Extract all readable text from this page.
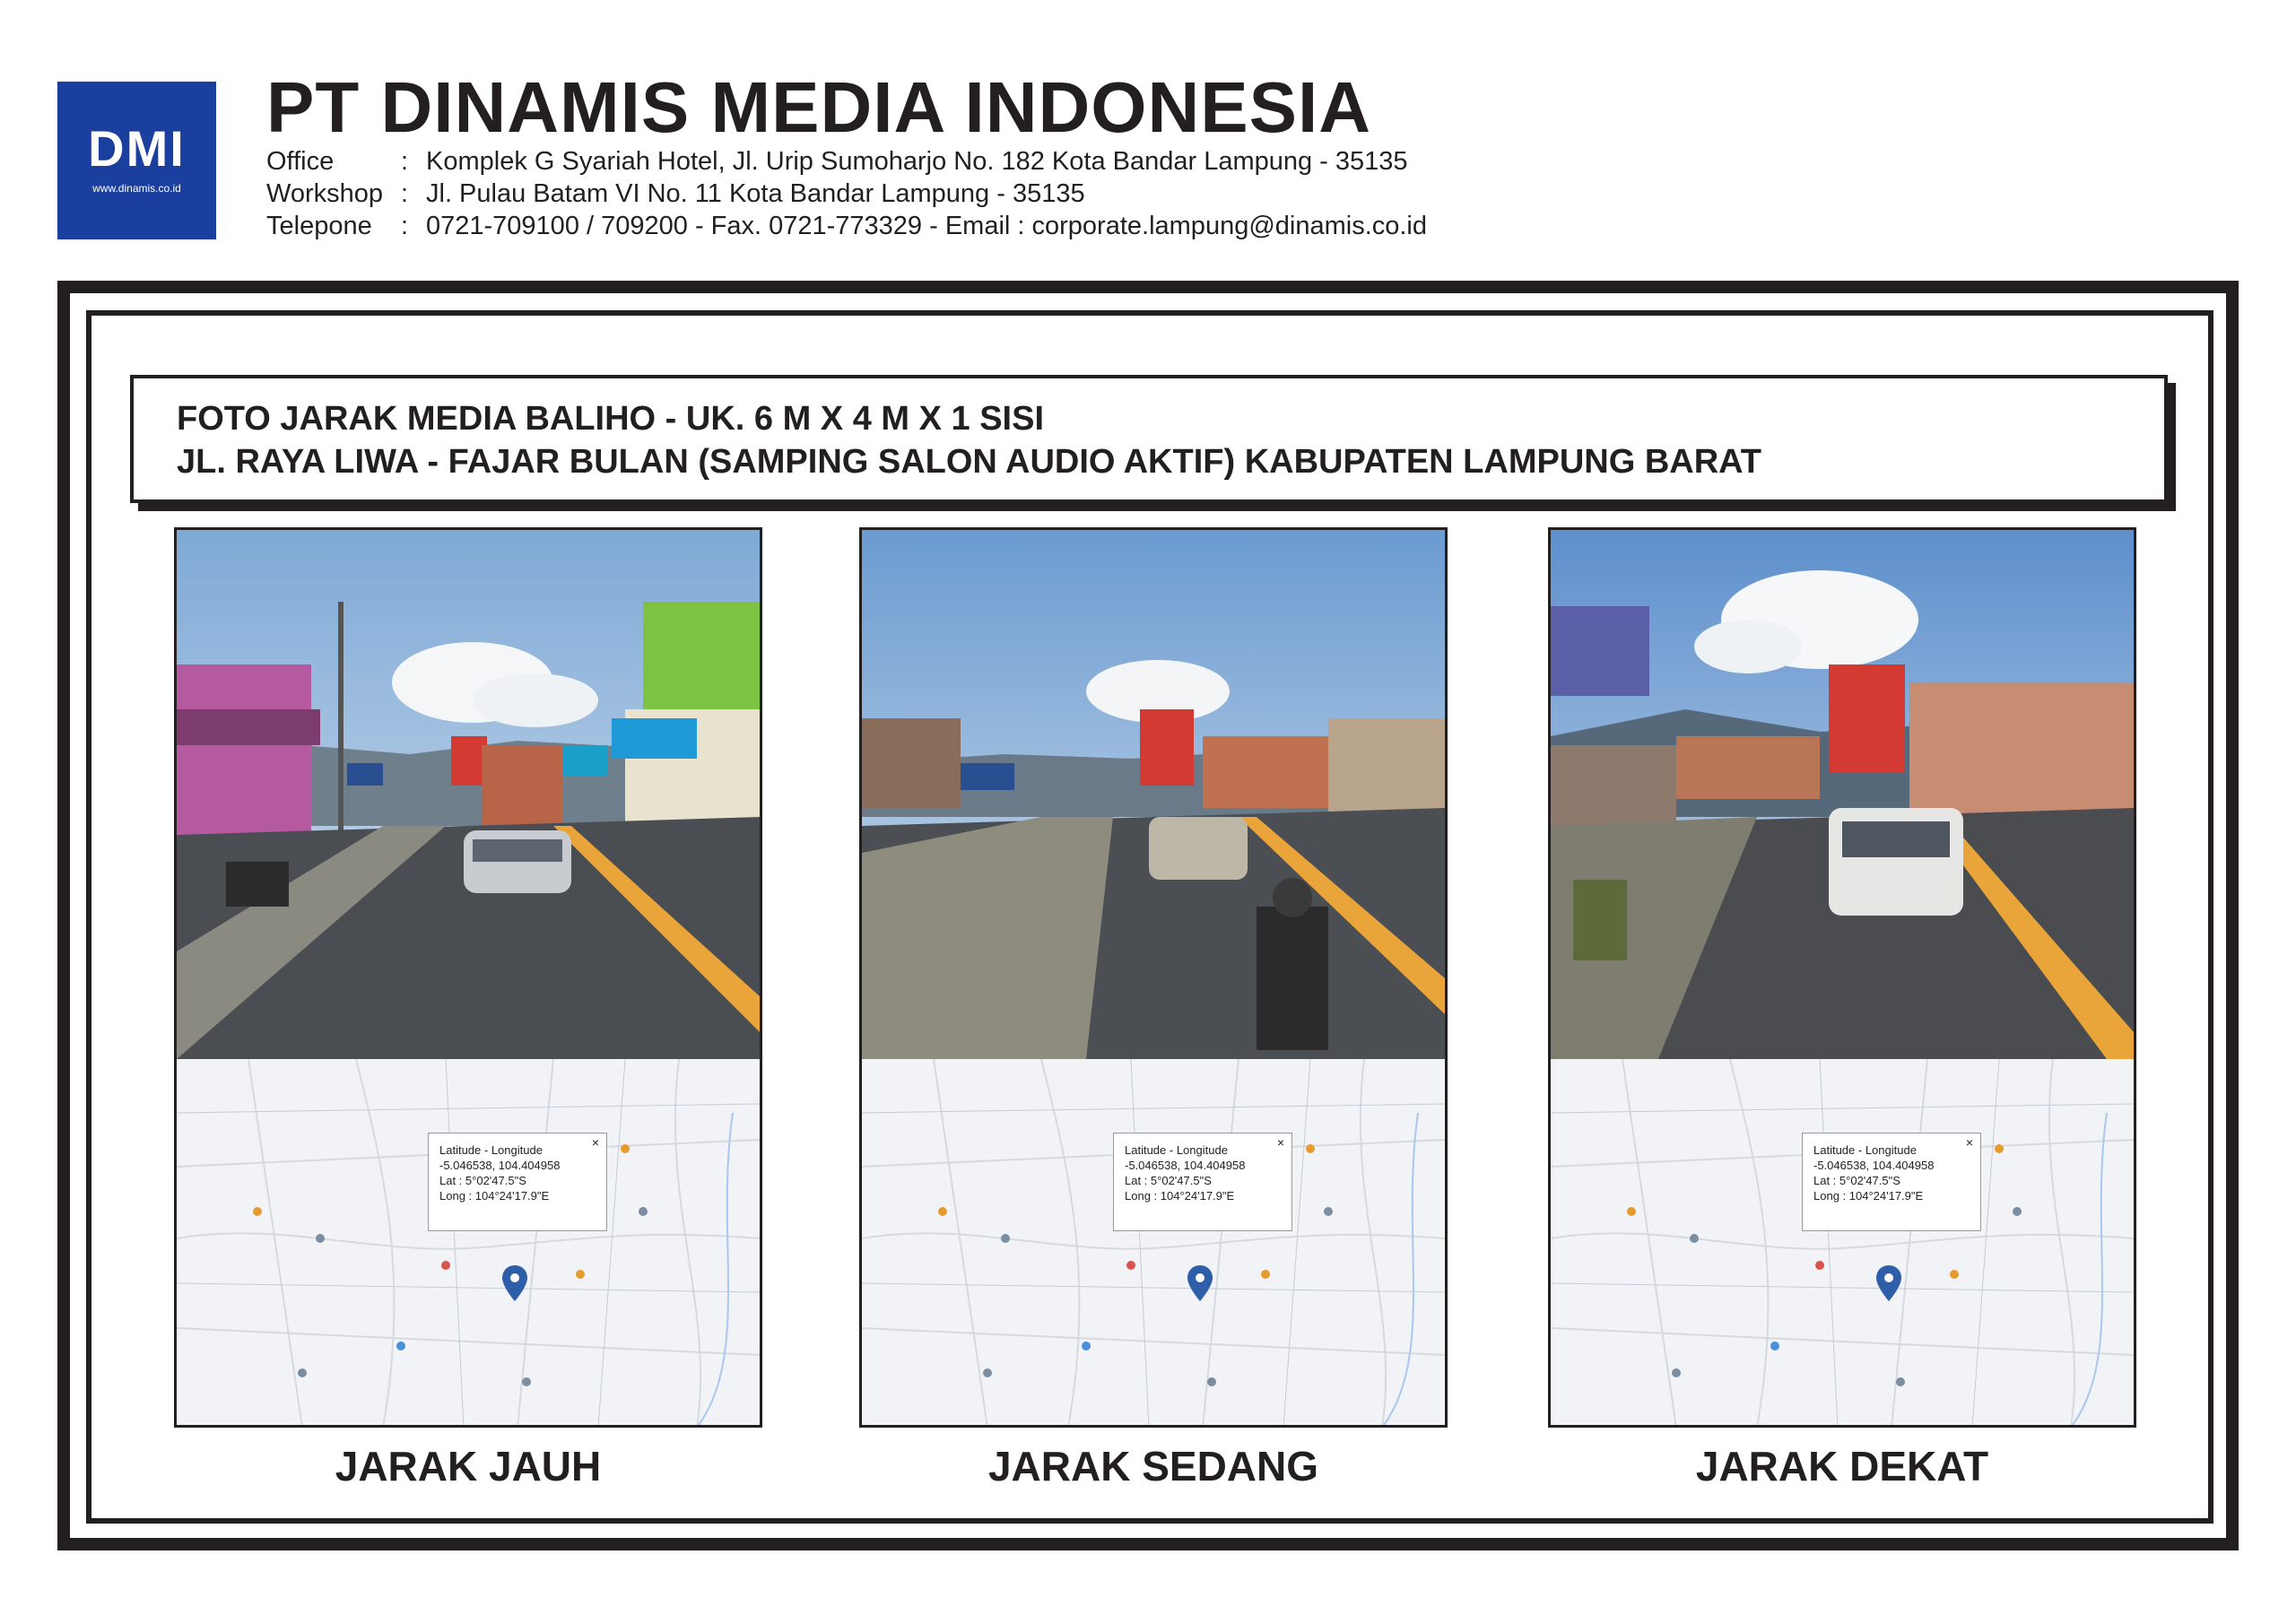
DMI
www.dinamis.co.id
PT DINAMIS MEDIA INDONESIA
Office	: Komplek G Syariah Hotel, Jl. Urip Sumoharjo No. 182 Kota Bandar Lampung - 35135
Workshop : Jl. Pulau Batam VI No. 11 Kota Bandar Lampung - 35135
Telepone : 0721-709100 / 709200 - Fax. 0721-773329 - Email : corporate.lampung@dinamis.co.id
FOTO JARAK MEDIA BALIHO - UK. 6 M X 4 M X 1 SISI
JL. RAYA LIWA - FAJAR BULAN (SAMPING SALON AUDIO AKTIF) KABUPATEN LAMPUNG BARAT
×
Latitude - Longitude
-5.046538, 104.404958
Lat : 5°02'47.5"S
Long : 104°24'17.9"E
×
Latitude - Longitude
-5.046538, 104.404958
Lat : 5°02'47.5"S
Long : 104°24'17.9"E
×
Latitude - Longitude
-5.046538, 104.404958
Lat : 5°02'47.5"S
Long : 104°24'17.9"E
JARAK JAUH	JARAK SEDANG	JARAK DEKAT
